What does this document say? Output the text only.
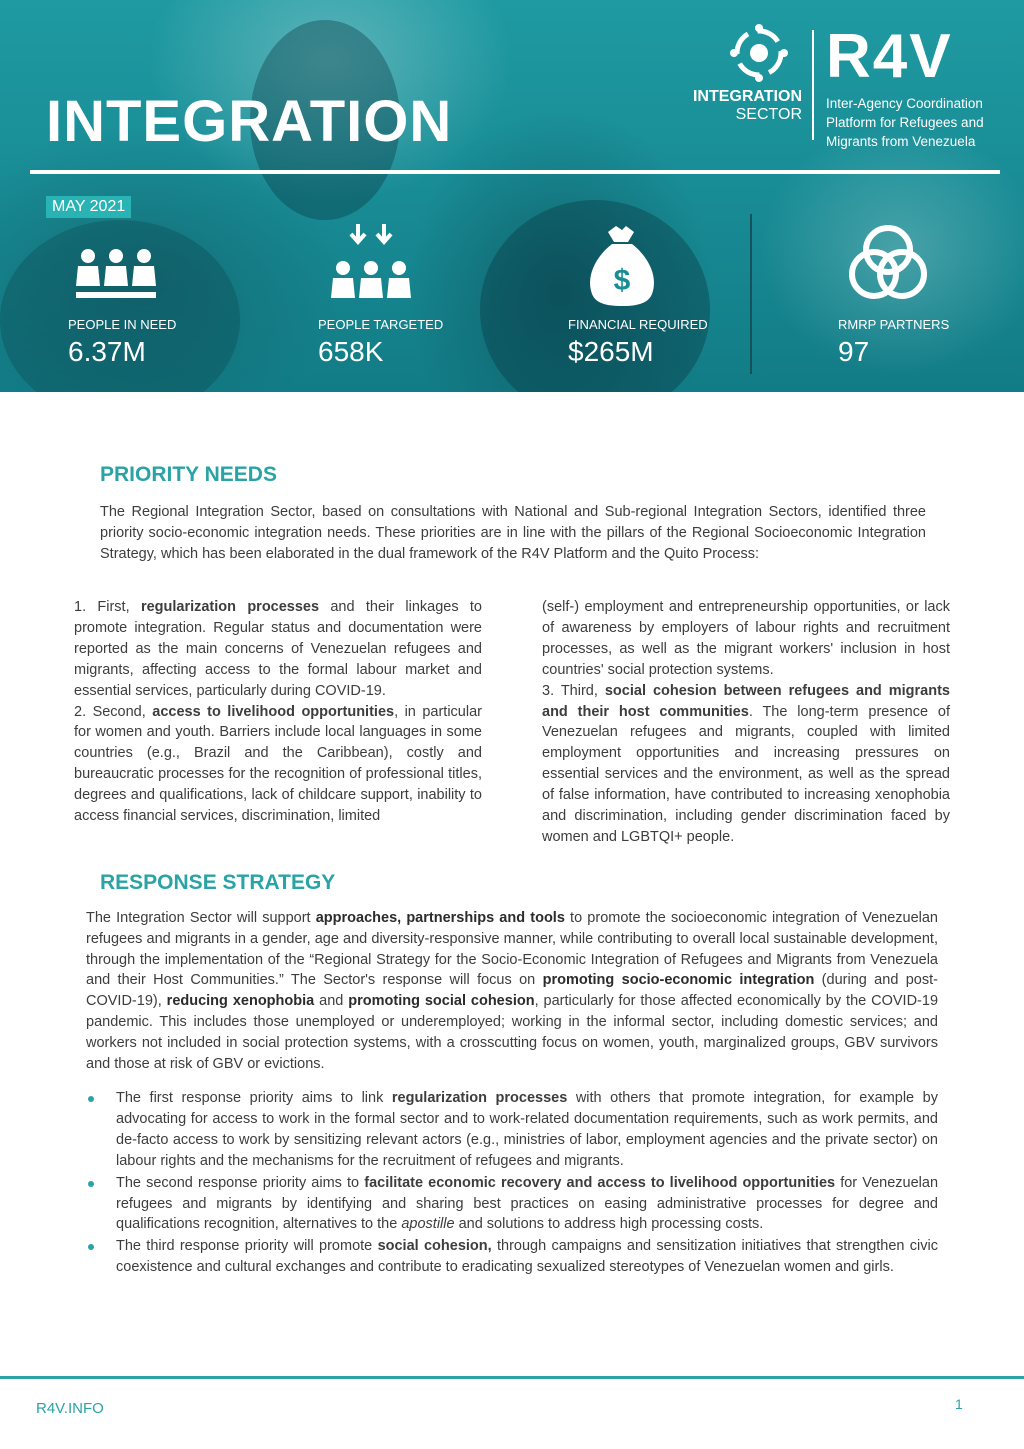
INTEGRATION
MAY 2021
INTEGRATION
SECTOR
R4V
Inter-Agency Coordination
Platform for Refugees and
Migrants from Venezuela
PEOPLE IN NEED
6.37M
PEOPLE TARGETED
658K
$
FINANCIAL REQUIRED
$265M
RMRP PARTNERS
97
PRIORITY NEEDS
The Regional Integration Sector, based on consultations with National and Sub-regional Integration Sectors, identified three priority socio-economic integration needs. These priorities are in line with the pillars of the Regional Socioeconomic Integration Strategy, which has been elaborated in the dual framework of the R4V Platform and the Quito Process:

1. First, regularization processes and their linkages to promote integration. Regular status and documentation were reported as the main concerns of Venezuelan refugees and migrants, affecting access to the formal labour market and essential services, particularly during COVID-19.

2. Second, access to livelihood opportunities, in particular for women and youth. Barriers include local languages in some countries (e.g., Brazil and the Caribbean), costly and bureaucratic processes for the recognition of professional titles, degrees and qualifications, lack of childcare support, inability to access financial services, discrimination, limited

(self-) employment and entrepreneurship opportunities, or lack of awareness by employers of labour rights and recruitment processes, as well as the migrant workers' inclusion in host countries' social protection systems.

3. Third, social cohesion between refugees and migrants and their host communities. The long-term presence of Venezuelan refugees and migrants, coupled with limited employment opportunities and increasing pressures on essential services and the environment, as well as the spread of false information, have contributed to increasing xenophobia and discrimination, including gender discrimination faced by women and LGBTQI+ people.

RESPONSE STRATEGY
The Integration Sector will support approaches, partnerships and tools to promote the socioeconomic integration of Venezuelan refugees and migrants in a gender, age and diversity-responsive manner, while contributing to overall local sustainable development, through the implementation of the “Regional Strategy for the Socio-Economic Integration of Refugees and Migrants from Venezuela and their Host Communities.” The Sector's response will focus on promoting socio-economic integration (during and post-COVID-19), reducing xenophobia and promoting social cohesion, particularly for those affected economically by the COVID-19 pandemic. This includes those unemployed or underemployed; working in the informal sector, including domestic services; and workers not included in social protection systems, with a crosscutting focus on women, youth, marginalized groups, GBV survivors and those at risk of GBV or evictions.
The first response priority aims to link regularization processes with others that promote integration, for example by advocating for access to work in the formal sector and to work-related documentation requirements, such as work permits, and de-facto access to work by sensitizing relevant actors (e.g., ministries of labor, employment agencies and the private sector) on labour rights and the mechanisms for the recruitment of refugees and migrants.
The second response priority aims to facilitate economic recovery and access to livelihood opportunities for Venezuelan refugees and migrants by identifying and sharing best practices on easing administrative processes for degree and qualifications recognition, alternatives to the apostille and solutions to address high processing costs.
The third response priority will promote social cohesion, through campaigns and sensitization initiatives that strengthen civic coexistence and cultural exchanges and contribute to eradicating sexualized stereotypes of Venezuelan women and girls.
R4V.INFO	1
